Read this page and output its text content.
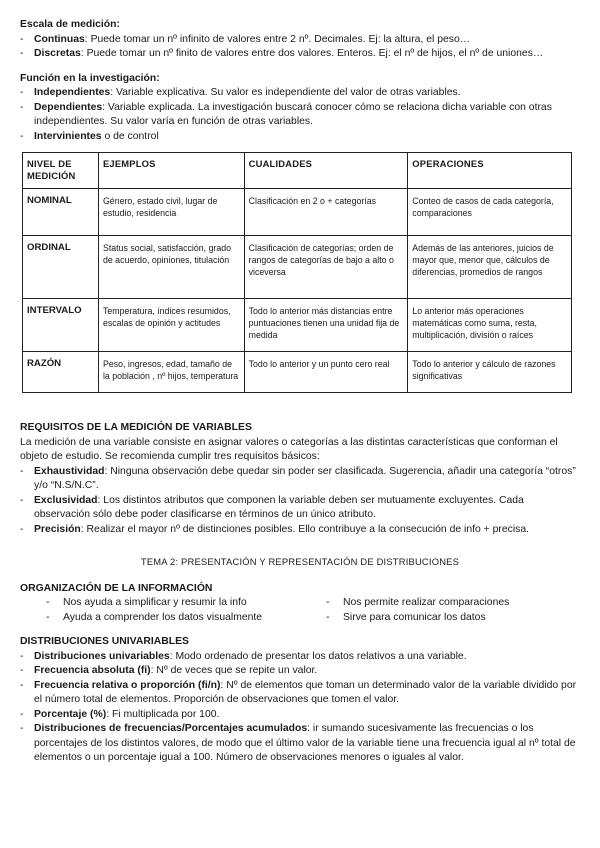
Escala de medición:

- Continuas: Puede tomar un nº infinito de valores entre 2 nº. Decimales. Ej: la altura, el peso…
- Discretas: Puede tomar un nº finito de valores entre dos valores. Enteros. Ej: el nº de hijos, el nº de uniones…

Función en la investigación:

- Independientes: Variable explicativa. Su valor es independiente del valor de otras variables.
- Dependientes: Variable explicada. La investigación buscará conocer cómo se relaciona dicha variable con otras independientes. Su valor varía en función de otras variables.
- Intervinientes o de control
NIVEL DE MEDICIÓN	EJEMPLOS	CUALIDADES	OPERACIONES
NOMINAL	Género, estado civil, lugar de estudio, residencia	Clasificación en 2 o + categorías	Conteo de casos de cada categoría, comparaciones
ORDINAL	Status social, satisfacción, grado de acuerdo, opiniones, titulación	Clasificación de categorías; orden de rangos de categorías de bajo a alto o viceversa	Además de las anteriores, juicios de mayor que, menor que, cálculos de diferencias, promedios de rangos
INTERVALO	Temperatura, índices resumidos, escalas de opinión y actitudes	Todo lo anterior más distancias entre puntuaciones tienen una unidad fija de medida	Lo anterior más operaciones matemáticas como suma, resta, multiplicación, división o raíces
RAZÓN	Peso, ingresos, edad, tamaño de la población , nº hijos, temperatura	Todo lo anterior y un punto cero real	Todo lo anterior y cálculo de razones significativas

REQUISITOS DE LA MEDICIÓN DE VARIABLES

La medición de una variable consiste en asignar valores o categorías a las distintas características que conforman el objeto de estudio. Se recomienda cumplir tres requisitos básicos:

- Exhaustividad: Ninguna observación debe quedar sin poder ser clasificada. Sugerencia, añadir una categoría “otros” y/o “N.S/N.C”.
- Exclusividad: Los distintos atributos que componen la variable deben ser mutuamente excluyentes. Cada observación sólo debe poder clasificarse en términos de un único atributo.
- Precisión: Realizar el mayor nº de distinciones posibles. Ello contribuye a la consecución de info + precisa.

TEMA 2: PRESENTACIÓN Y REPRESENTACIÓN DE DISTRIBUCIONES

ORGANIZACIÓN DE LA INFORMACIÓN

- Nos ayuda a simplificar y resumir la info
- Ayuda a comprender los datos visualmente
- Nos permite realizar comparaciones
- Sirve para comunicar los datos

DISTRIBUCIONES UNIVARIABLES

- Distribuciones univariables: Modo ordenado de presentar los datos relativos a una variable.
- Frecuencia absoluta (fi): Nº de veces que se repite un valor.
- Frecuencia relativa o proporción (fi/n): Nº de elementos que toman un determinado valor de la variable dividido por el número total de elementos. Proporción de observaciones que tomen el valor.
- Porcentaje (%): Fi multiplicada por 100.
- Distribuciones de frecuencias/Porcentajes acumulados: ir sumando sucesivamente las frecuencias o los porcentajes de los distintos valores, de modo que el último valor de la variable tiene una frecuencia igual al nº total de elementos o un porcentaje igual a 100. Número de observaciones menores o iguales al valor.
